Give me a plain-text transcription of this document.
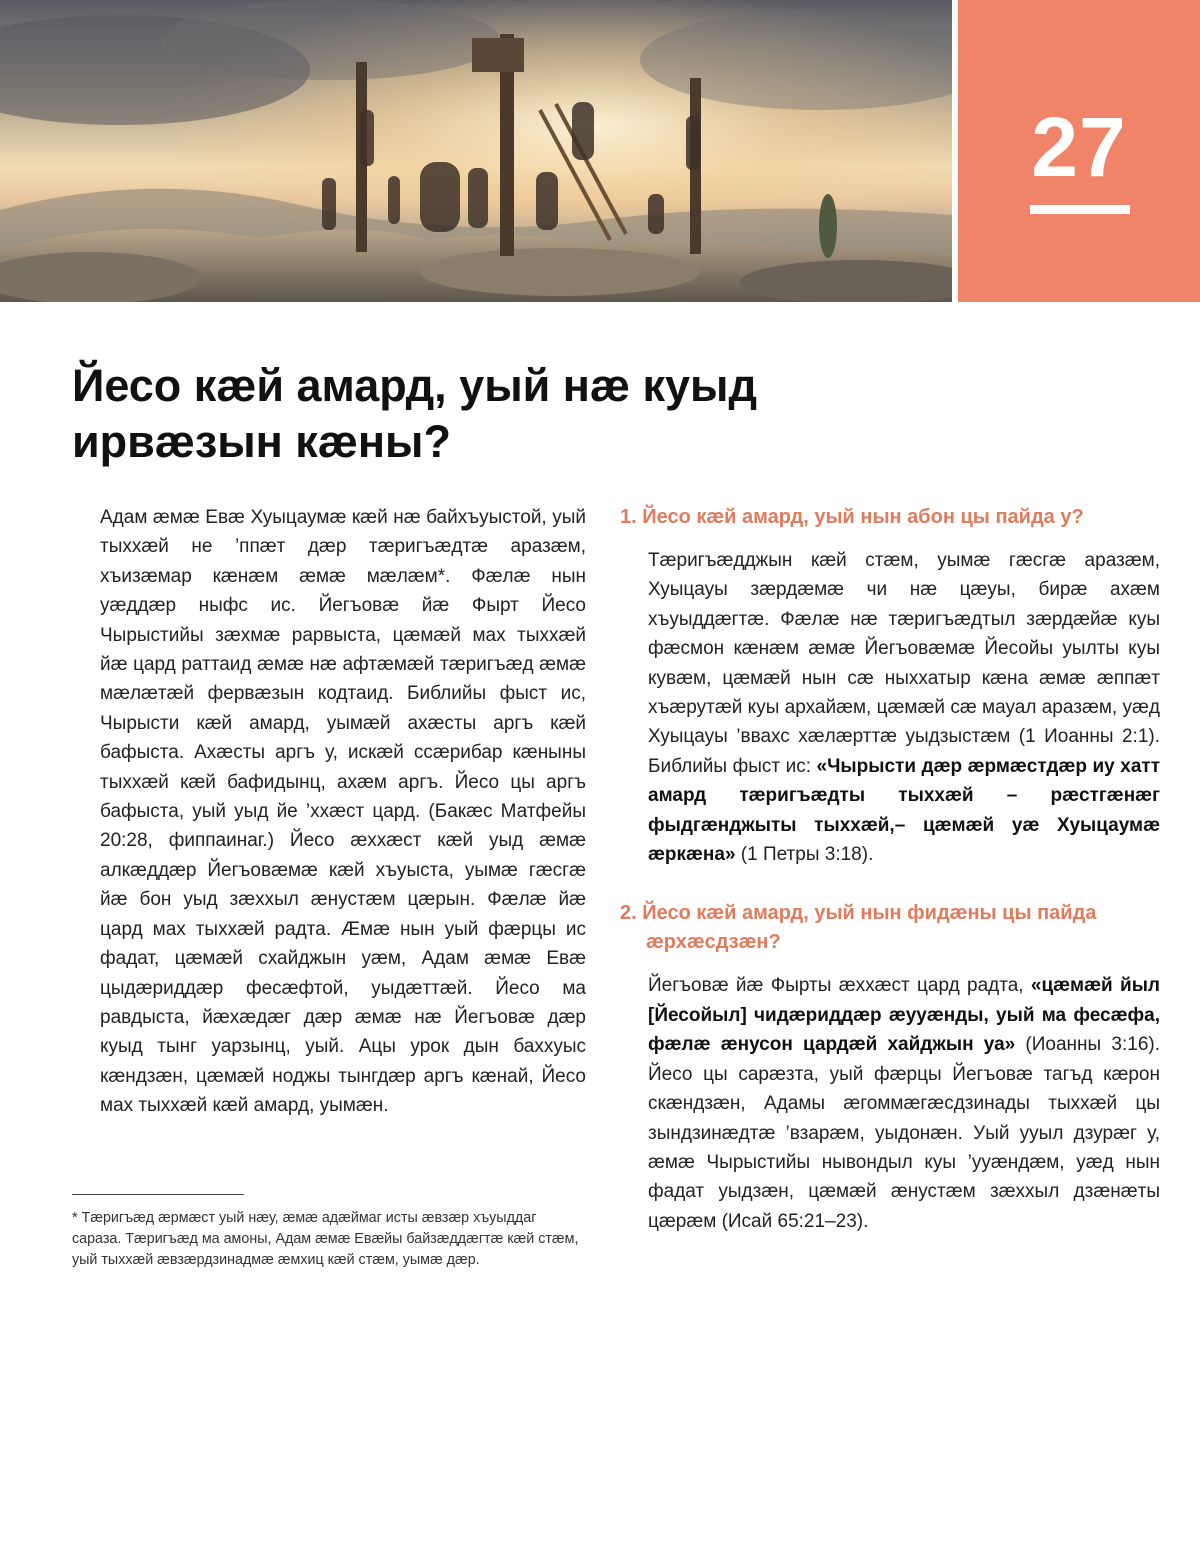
27
Йесо кæй амард, уый нæ куыд ирвæзын кæны?

Адам æмæ Евæ Хуыцаумæ кæй нæ байхъуыстой, уый тыххæй не ’ппæт дæр тæригъæдтæ аразæм, хъизæмар кæнæм æмæ мæлæм*. Фæлæ нын уæддæр ныфс ис. Йегъовæ йæ Фырт Йесо Чырыстийы зæхмæ рарвыста, цæмæй мах тыххæй йæ цард раттаид æмæ нæ афтæмæй тæригъæд æмæ мæлæтæй фервæзын кодтаид. Библийы фыст ис, Чырысти кæй амард, уымæй ахæсты аргъ кæй бафыста. Ахæсты аргъ у, искæй ссæрибар кæныны тыххæй кæй бафидынц, ахæм аргъ. Йесо цы аргъ бафыста, уый уыд йе ’ххæст цард. (Бакæс Матфейы 20:28, фиппаинаг.) Йесо æххæст кæй уыд æмæ алкæддæр Йегъовæмæ кæй хъуыста, уымæ гæсгæ йæ бон уыд зæххыл æнустæм цæрын. Фæлæ йæ цард мах тыххæй радта. Æмæ нын уый фæрцы ис фадат, цæмæй схайджын уæм, Адам æмæ Евæ цыдæриддæр фесæфтой, уыдæттæй. Йесо ма равдыста, йæхæдæг дæр æмæ нæ Йегъовæ дæр куыд тынг уарзынц, уый. Ацы урок дын баххуыс кæндзæн, цæмæй ноджы тынгдæр аргъ кæнай, Йесо мах тыххæй кæй амард, уымæн.

* Тæригъæд æрмæст уый нæу, æмæ адæймаг исты æвзæр хъуыддаг сараза. Тæригъæд ма амоны, Адам æмæ Евæйы байзæддæгтæ кæй стæм, уый тыххæй æвзæрдзинадмæ æмхиц кæй стæм, уымæ дæр.

1. Йесо кæй амард, уый нын абон цы пайда у?

Тæригъæдджын кæй стæм, уымæ гæсгæ аразæм, Хуыцауы зæрдæмæ чи нæ цæуы, бирæ ахæм хъуыддæгтæ. Фæлæ нæ тæригъæдтыл зæрдæйæ куы фæсмон кæнæм æмæ Йегъовæмæ Йесойы уылты куы кувæм, цæмæй нын сæ ныххатыр кæна æмæ æппæт хъæрутæй куы архайæм, цæмæй сæ мауал аразæм, уæд Хуыцауы ’ввахс хæлæрттæ уыдзыстæм (1 Иоанны 2:1). Библийы фыст ис: «Чырысти дæр æрмæстдæр иу хатт амард тæригъæдты тыххæй – рæстгæнæг фыдгæнджыты тыххæй,– цæмæй уæ Хуыцаумæ æркæна» (1 Петры 3:18).

2. Йесо кæй амард, уый нын фидæны цы пайда æрхæсдзæн?

Йегъовæ йæ Фырты æххæст цард радта, «цæмæй йыл [Йесойыл] чидæриддæр æууæнды, уый ма фесæфа, фæлæ æнусон цардæй хайджын уа» (Иоанны 3:16). Йесо цы сарæзта, уый фæрцы Йегъовæ тагъд кæрон скæндзæн, Адамы æгоммæгæсдзинады тыххæй цы зындзинæдтæ ’взарæм, уыдонæн. Уый ууыл дзурæг у, æмæ Чырыстийы нывондыл куы ’ууæндæм, уæд нын фадат уыдзæн, цæмæй æнустæм зæххыл дзæнæты цæрæм (Исай 65:21–23).
